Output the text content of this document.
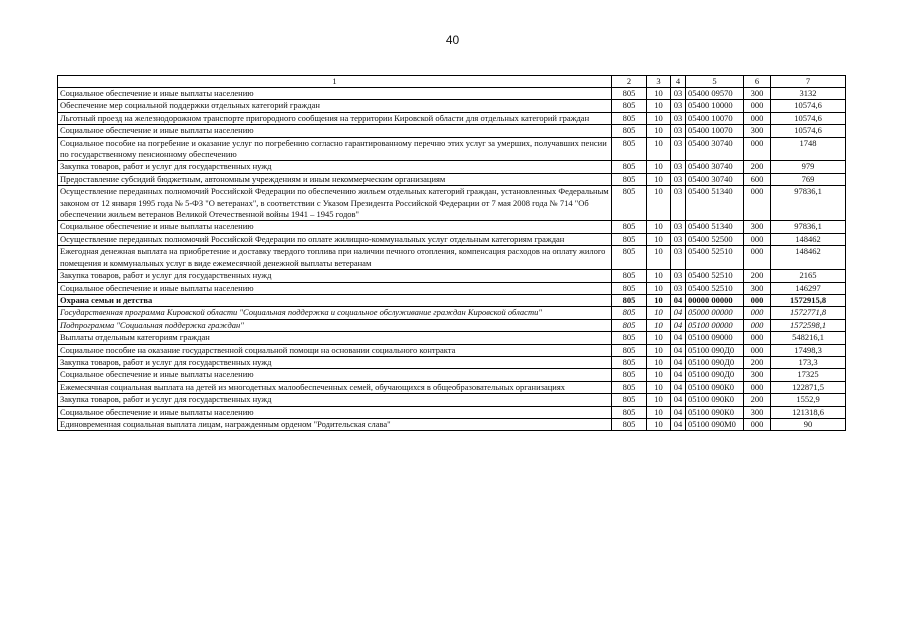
40
1	2	3	4	5	6	7
Социальное обеспечение и иные выплаты населению	805	10	03	05400 09570	300	3132
Обеспечение мер социальной поддержки отдельных категорий граждан	805	10	03	05400 10000	000	10574,6
Льготный проезд на железнодорожном транспорте пригородного сообщения на территории Кировской области для отдельных категорий граждан	805	10	03	05400 10070	000	10574,6
Социальное обеспечение и иные выплаты населению	805	10	03	05400 10070	300	10574,6
Социальное пособие на погребение и оказание услуг по погребению согласно гарантированному перечню этих услуг за умерших, получавших пенсии по государственному пенсионному обеспечению	805	10	03	05400 30740	000	1748
Закупка товаров, работ и услуг для государственных нужд	805	10	03	05400 30740	200	979
Предоставление субсидий бюджетным, автономным учреждениям и иным некоммерческим организациям	805	10	03	05400 30740	600	769
Осуществление переданных полномочий Российской Федерации по обеспечению жильем отдельных категорий граждан, установленных Федеральным законом от 12 января 1995 года № 5-ФЗ "О ветеранах", в соответствии с Указом Президента Российской Федерации от 7 мая 2008 года № 714 "Об обеспечении жильем ветеранов Великой Отечественной войны 1941 – 1945 годов"	805	10	03	05400 51340	000	97836,1
Социальное обеспечение и иные выплаты населению	805	10	03	05400 51340	300	97836,1
Осуществление переданных полномочий Российской Федерации по оплате жилищно-коммунальных услуг отдельным категориям граждан	805	10	03	05400 52500	000	148462
Ежегодная денежная выплата на приобретение и доставку твердого топлива при наличии печного отопления, компенсация расходов на оплату жилого помещения и коммунальных услуг в виде ежемесячной денежной выплаты ветеранам	805	10	03	05400 52510	000	148462
Закупка товаров, работ и услуг для государственных нужд	805	10	03	05400 52510	200	2165
Социальное обеспечение и иные выплаты населению	805	10	03	05400 52510	300	146297
Охрана семьи и детства	805	10	04	00000 00000	000	1572915,8
Государственная программа Кировской области "Социальная поддержка и социальное обслуживание граждан Кировской области"	805	10	04	05000 00000	000	1572771,8
Подпрограмма "Социальная поддержка граждан"	805	10	04	05100 00000	000	1572598,1
Выплаты отдельным категориям граждан	805	10	04	05100 09000	000	548216,1
Социальное пособие на оказание государственной социальной помощи на основании социального контракта	805	10	04	05100 090Д0	000	17498,3
Закупка товаров, работ и услуг для государственных нужд	805	10	04	05100 090Д0	200	173,3
Социальное обеспечение и иные выплаты населению	805	10	04	05100 090Д0	300	17325
Ежемесячная социальная выплата на детей из многодетных малообеспеченных семей, обучающихся в общеобразовательных организациях	805	10	04	05100 090К0	000	122871,5
Закупка товаров, работ и услуг для государственных нужд	805	10	04	05100 090К0	200	1552,9
Социальное обеспечение и иные выплаты населению	805	10	04	05100 090К0	300	121318,6
Единовременная социальная выплата лицам, награжденным орденом "Родительская слава"	805	10	04	05100 090М0	000	90
